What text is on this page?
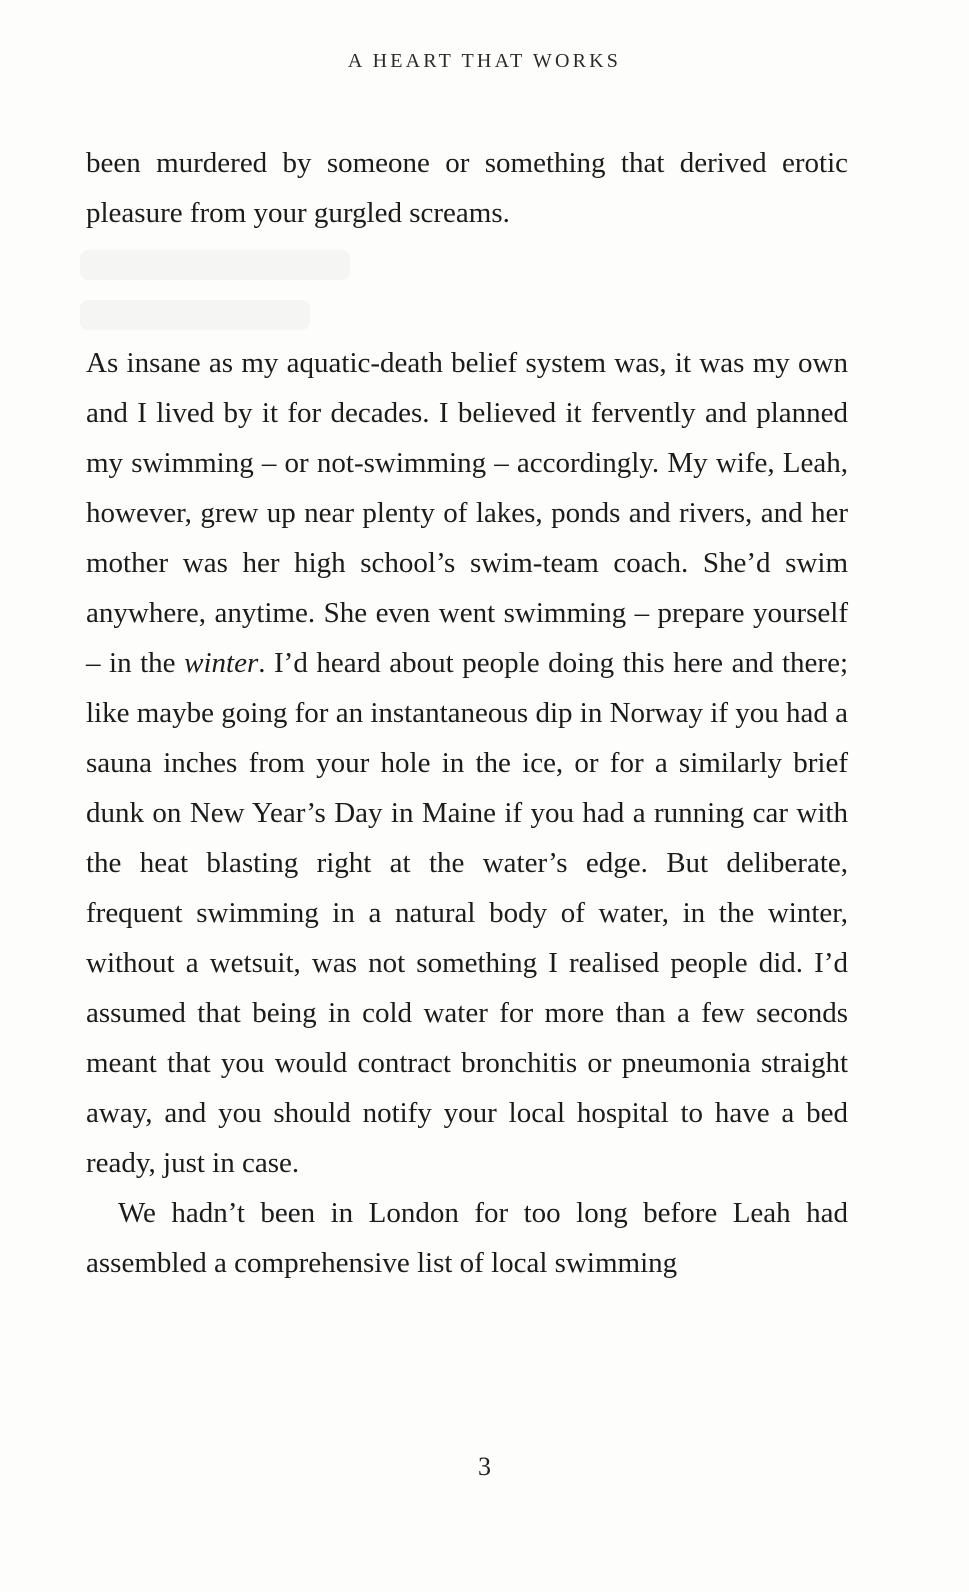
A HEART THAT WORKS

been murdered by someone or something that derived erotic pleasure from your gurgled screams.

As insane as my aquatic-death belief system was, it was my own and I lived by it for decades. I believed it fervently and planned my swimming – or not-swimming – accordingly. My wife, Leah, however, grew up near plenty of lakes, ponds and rivers, and her mother was her high school’s swim-team coach. She’d swim anywhere, anytime. She even went swimming – prepare yourself – in the winter. I’d heard about people doing this here and there; like maybe going for an instantaneous dip in Norway if you had a sauna inches from your hole in the ice, or for a similarly brief dunk on New Year’s Day in Maine if you had a running car with the heat blasting right at the water’s edge. But deliberate, frequent swimming in a natural body of water, in the winter, without a wetsuit, was not something I realised people did. I’d assumed that being in cold water for more than a few seconds meant that you would contract bronchitis or pneumonia straight away, and you should notify your local hospital to have a bed ready, just in case.

We hadn’t been in London for too long before Leah had assembled a comprehensive list of local swimming

3
